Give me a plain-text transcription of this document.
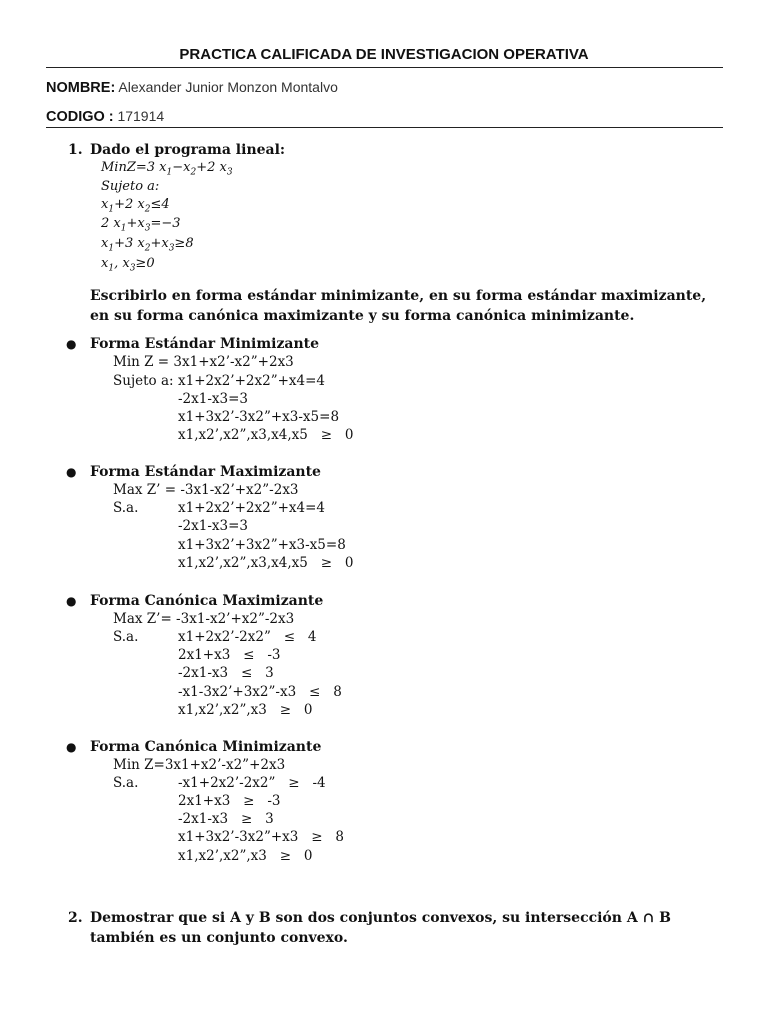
PRACTICA CALIFICADA DE INVESTIGACION OPERATIVA
NOMBRE: Alexander Junior Monzon Montalvo
CODIGO : 171914
1. Dado el programa lineal:
MinZ=3 $x_1-x_2+2$ $x_3$
Sujeto a:
$x_1+2$ $x_2\le 4$
2 $x_1+x_3=-3$
$x_1+3$ $x_2+x_3\ge 8$
$x_1$, $x_3\ge 0$
Escribirlo en forma estándar minimizante, en su forma estándar maximizante, en su forma canónica maximizante y su forma canónica minimizante.
● Forma Estándar Minimizante
Min Z = 3x1+x2’-x2”+2x3
Sujeto a: x1+2x2’+2x2”+x4=4
-2x1-x3=3
x1+3x2’-3x2”+x3-x5=8
x1,x2’,x2”,x3,x4,x5   ≥   0
● Forma Estándar Maximizante
Max Z’ = -3x1-x2’+x2”-2x3
S.a.	x1+2x2’+2x2”+x4=4
-2x1-x3=3
x1+3x2’+3x2”+x3-x5=8
x1,x2’,x2”,x3,x4,x5   ≥   0
● Forma Canónica Maximizante
Max Z’= -3x1-x2’+x2”-2x3
S.a.	x1+2x2’-2x2”   ≤   4
2x1+x3   ≤   -3
-2x1-x3   ≤   3
-x1-3x2’+3x2”-x3   ≤   8
x1,x2’,x2”,x3   ≥   0
● Forma Canónica Minimizante
Min Z=3x1+x2’-x2”+2x3
S.a.	-x1+2x2’-2x2”   ≥   -4
2x1+x3   ≥   -3
-2x1-x3   ≥   3
x1+3x2’-3x2”+x3   ≥   8
x1,x2’,x2”,x3   ≥   0
2. Demostrar que si A y B son dos conjuntos convexos, su intersección A ∩ B también es un conjunto convexo.
